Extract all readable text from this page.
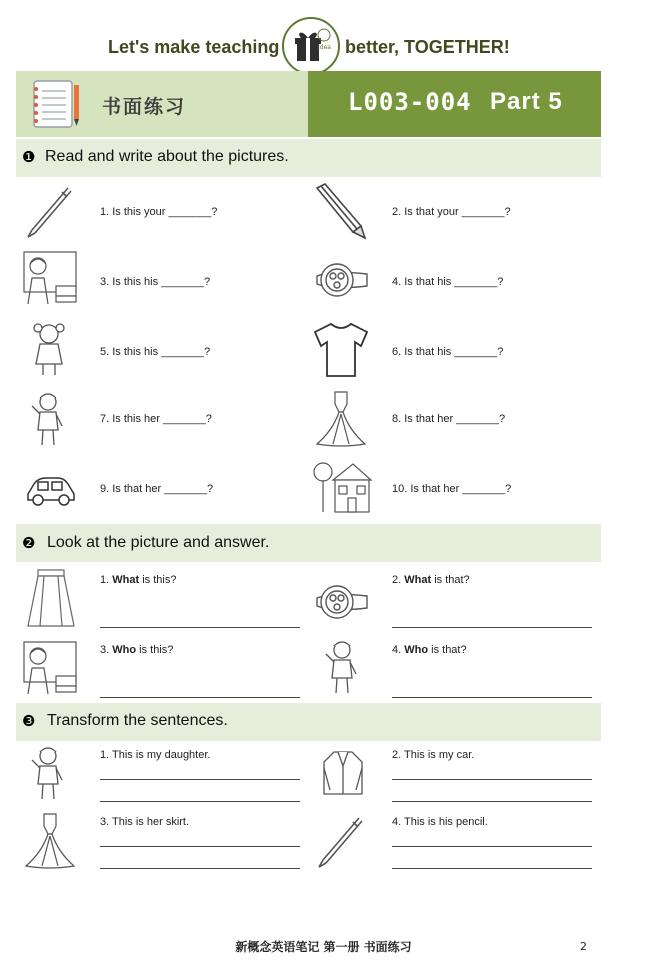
Let's make teaching	Idea better, TOGETHER!
书面练习	L003-004 Part 5
❶ Read and write about the pictures.
1. Is this your _______?	2. Is that your _______?
3. Is this his _______?	4. Is that his _______?
5. Is this his _______?	6. Is that his _______?
7. Is this her _______?	8. Is that her _______?
9. Is that her _______?	10. Is that her _______?
❷ Look at the picture and answer.
1. What is this?	2. What is that?
3. Who is this?	4. Who is that?
❸ Transform the sentences.
1. This is my daughter.	2. This is my car.
3. This is her skirt.	4. This is his pencil.
新概念英语笔记 第一册 书面练习	2
